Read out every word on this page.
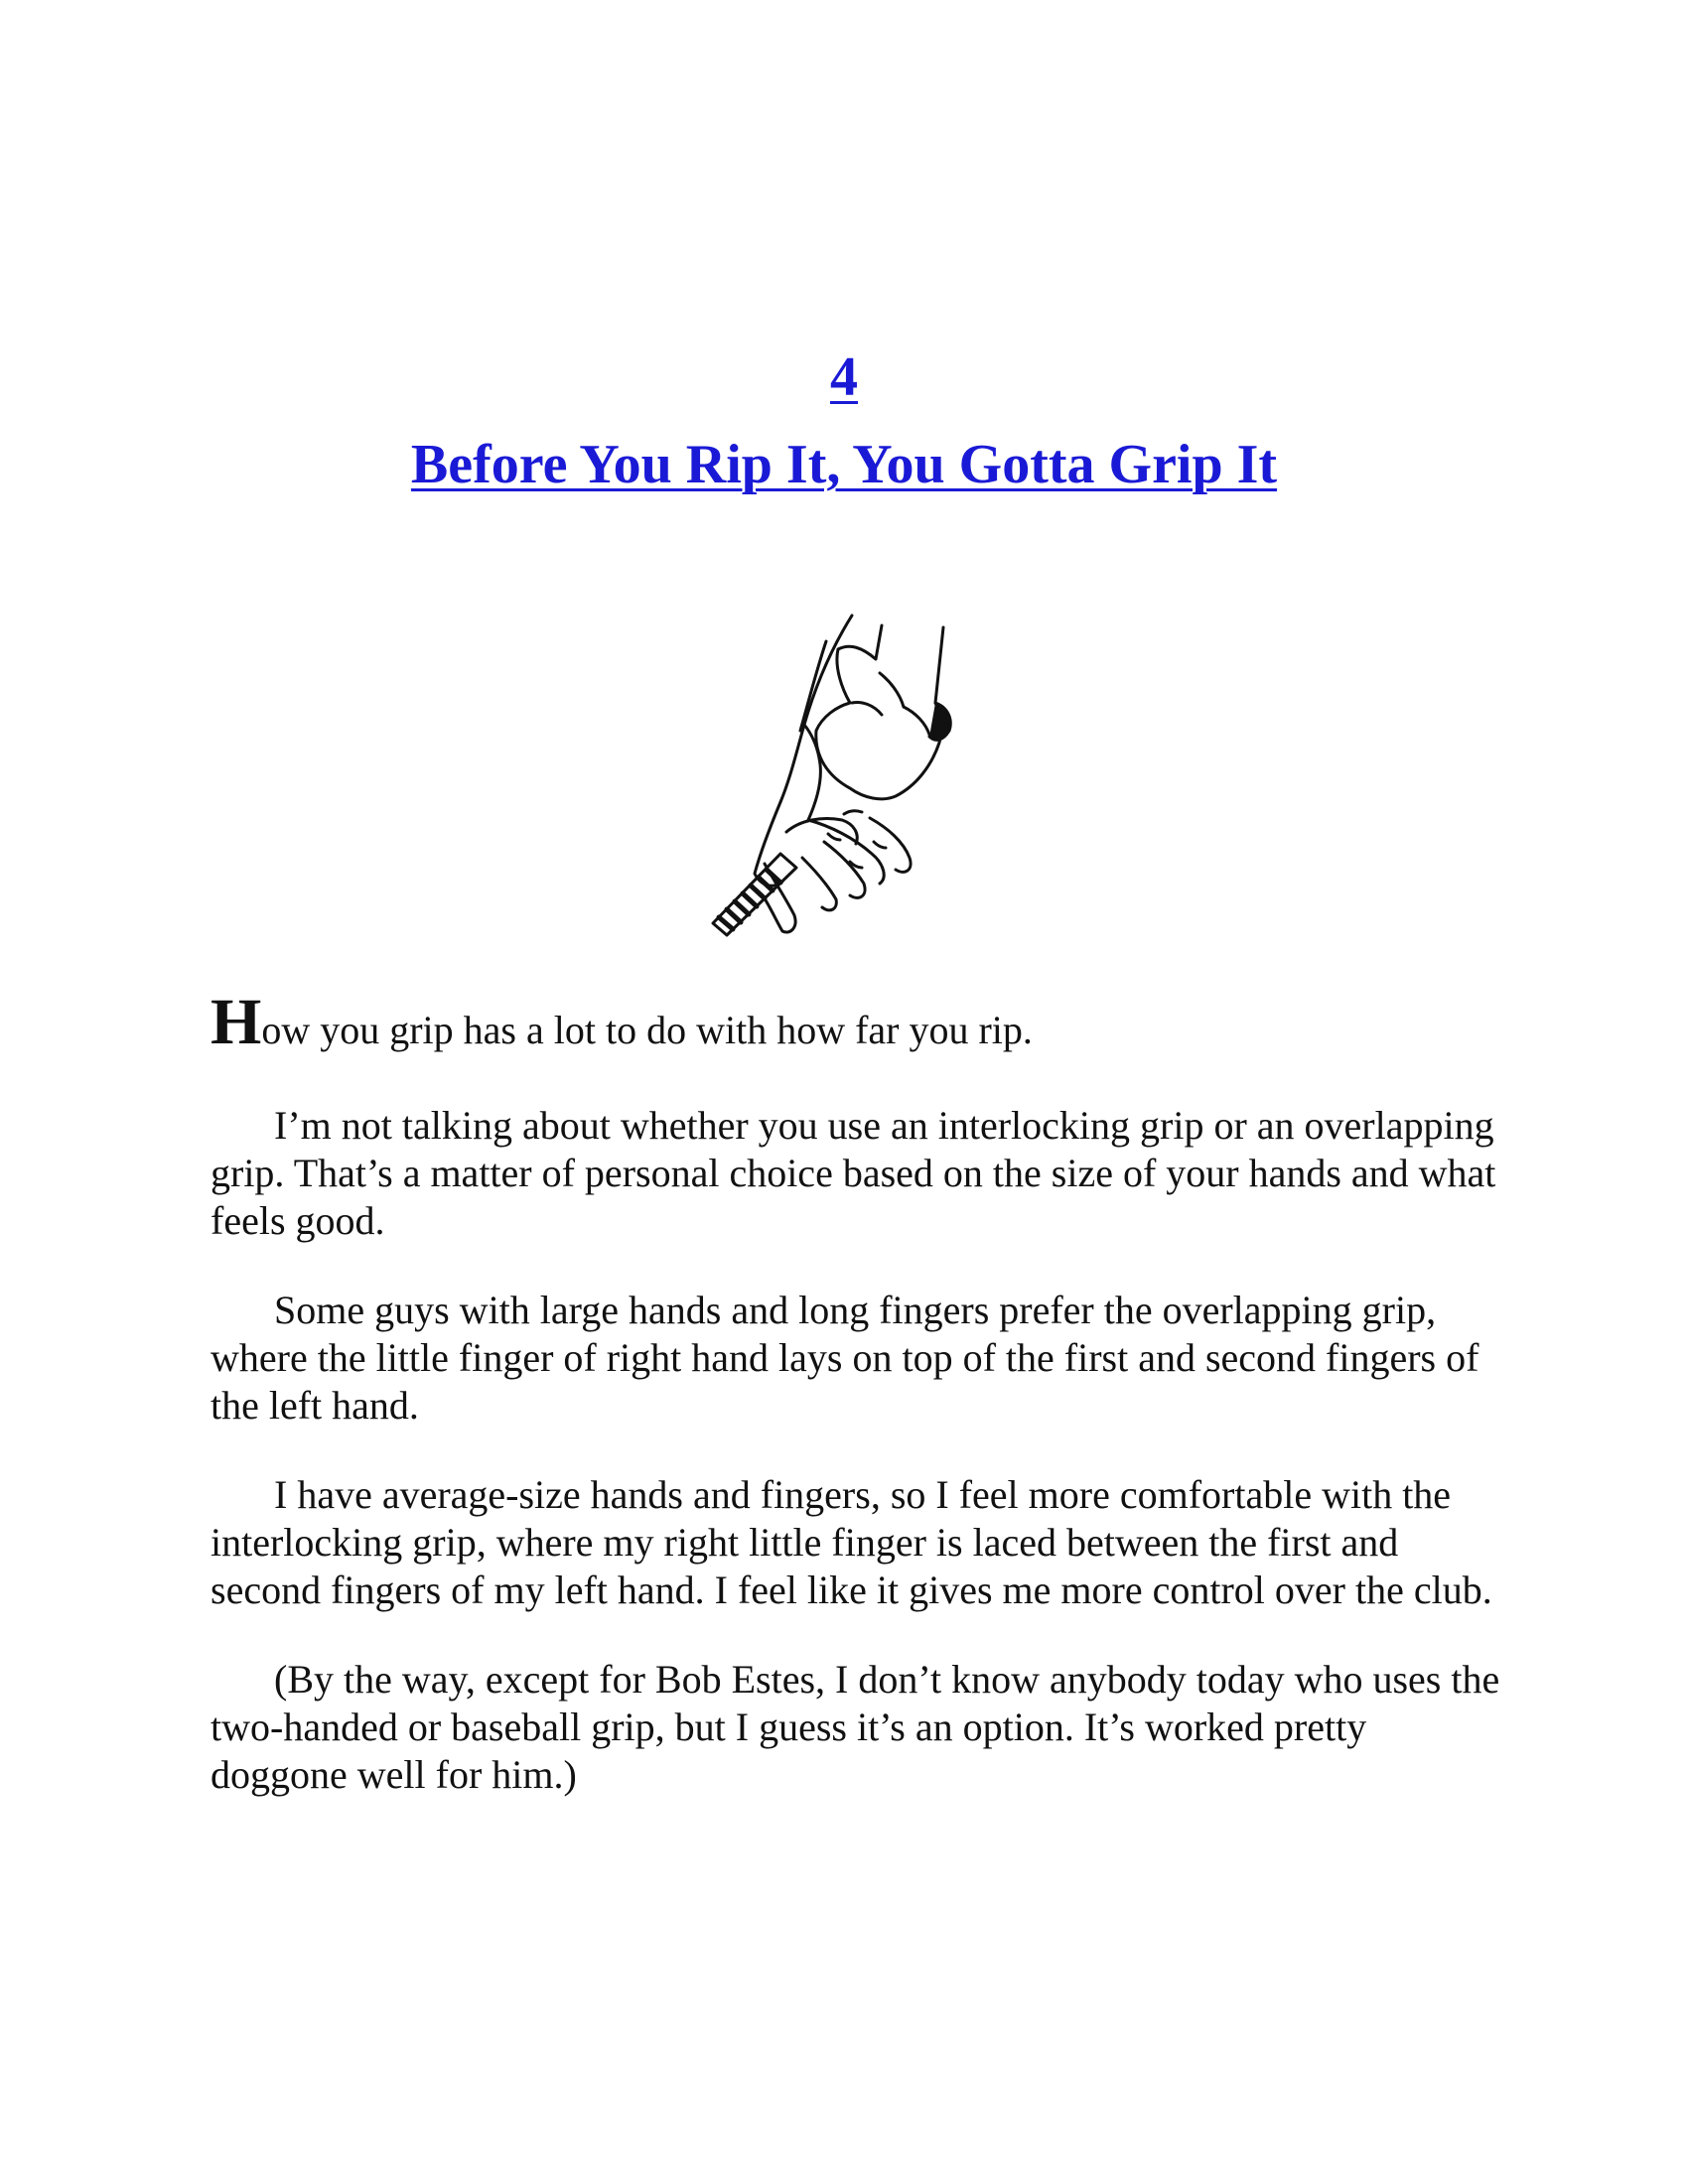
4
Before You Rip It, You Gotta Grip It

How you grip has a lot to do with how far you rip.

I’m not talking about whether you use an interlocking grip or an overlapping grip. That’s a matter of personal choice based on the size of your hands and what feels good.

Some guys with large hands and long fingers prefer the overlapping grip, where the little finger of right hand lays on top of the first and second fingers of the left hand.

I have average-size hands and fingers, so I feel more comfortable with the interlocking grip, where my right little finger is laced between the first and second fingers of my left hand. I feel like it gives me more control over the club.

(By the way, except for Bob Estes, I don’t know anybody today who uses the two-handed or baseball grip, but I guess it’s an option. It’s worked pretty doggone well for him.)
